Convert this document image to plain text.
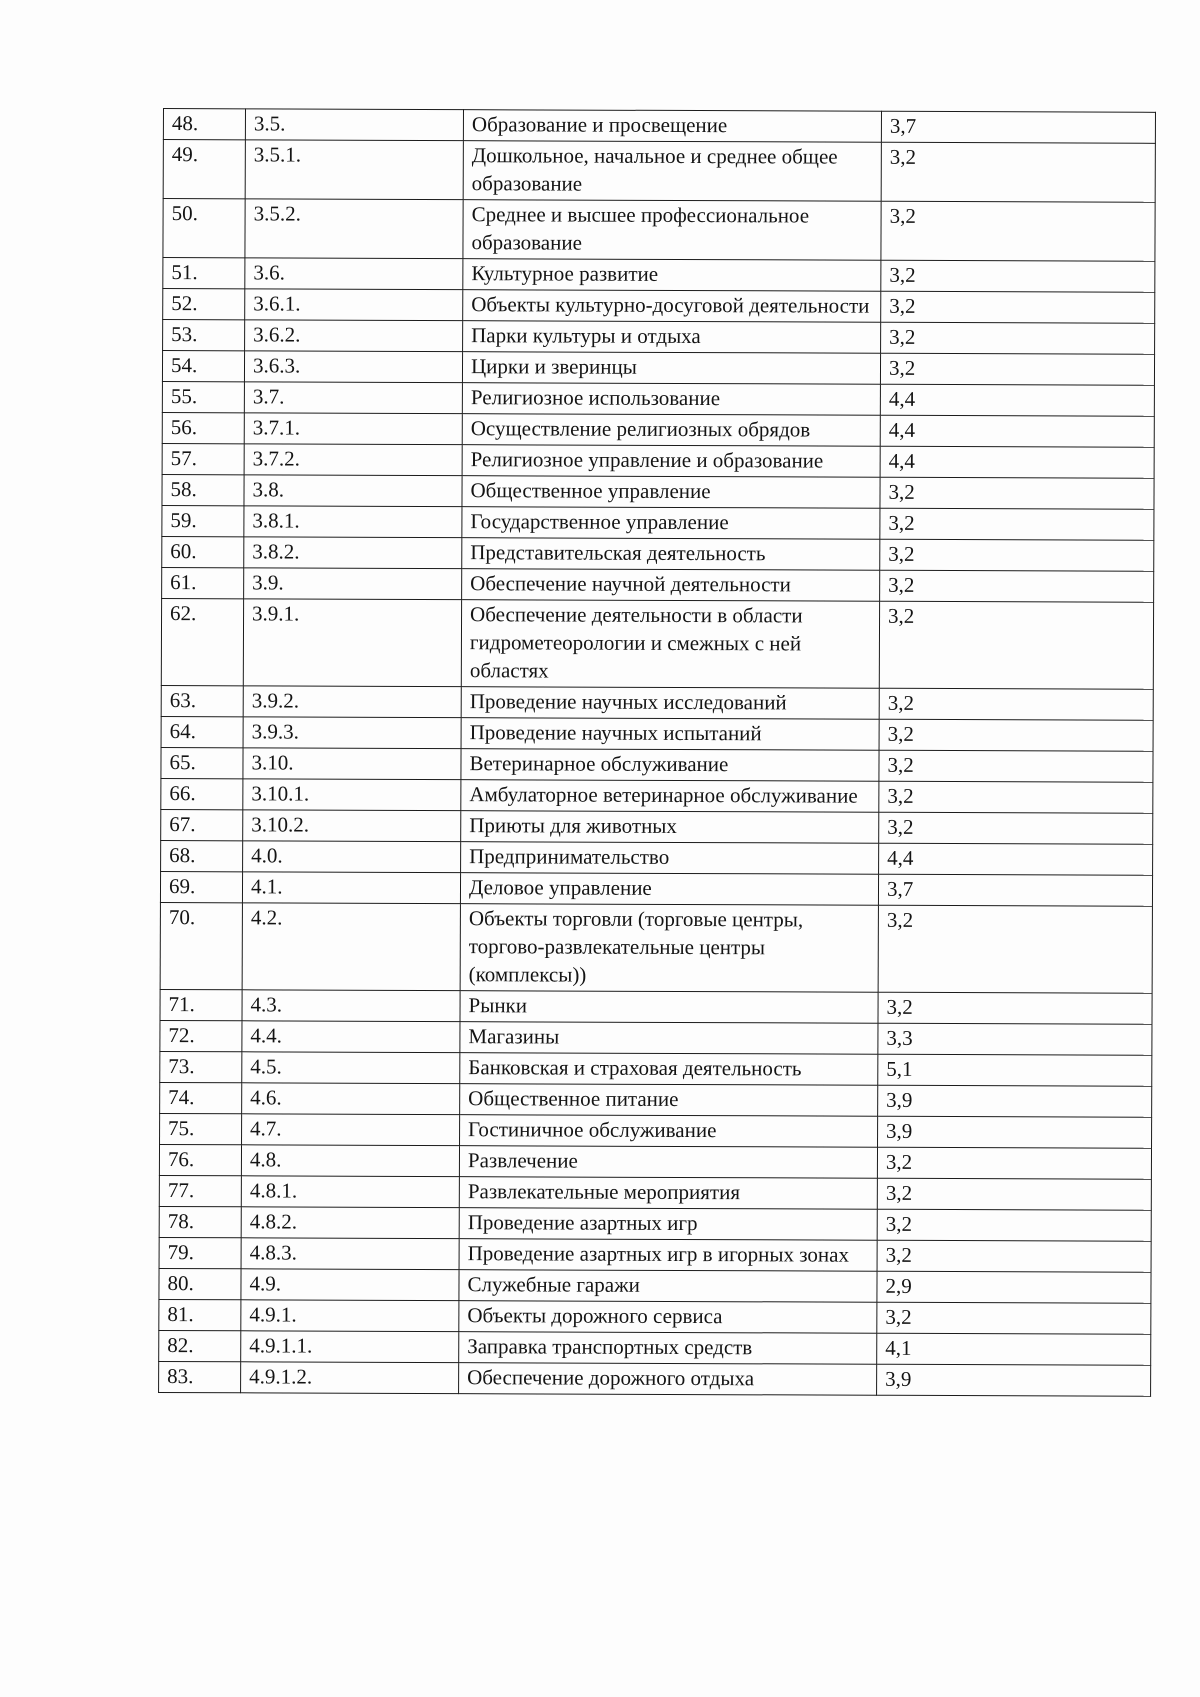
48.	3.5.	Образование и просвещение	3,7
49.	3.5.1.	Дошкольное, начальное и среднее общее образование	3,2
50.	3.5.2.	Среднее и высшее профессиональное образование	3,2
51.	3.6.	Культурное развитие	3,2
52.	3.6.1.	Объекты культурно-досуговой деятельности	3,2
53.	3.6.2.	Парки культуры и отдыха	3,2
54.	3.6.3.	Цирки и зверинцы	3,2
55.	3.7.	Религиозное использование	4,4
56.	3.7.1.	Осуществление религиозных обрядов	4,4
57.	3.7.2.	Религиозное управление и образование	4,4
58.	3.8.	Общественное управление	3,2
59.	3.8.1.	Государственное управление	3,2
60.	3.8.2.	Представительская деятельность	3,2
61.	3.9.	Обеспечение научной деятельности	3,2
62.	3.9.1.	Обеспечение деятельности в области гидрометеорологии и смежных с ней областях	3,2
63.	3.9.2.	Проведение научных исследований	3,2
64.	3.9.3.	Проведение научных испытаний	3,2
65.	3.10.	Ветеринарное обслуживание	3,2
66.	3.10.1.	Амбулаторное ветеринарное обслуживание	3,2
67.	3.10.2.	Приюты для животных	3,2
68.	4.0.	Предпринимательство	4,4
69.	4.1.	Деловое управление	3,7
70.	4.2.	Объекты торговли (торговые центры, торгово-развлекательные центры (комплексы))	3,2
71.	4.3.	Рынки	3,2
72.	4.4.	Магазины	3,3
73.	4.5.	Банковская и страховая деятельность	5,1
74.	4.6.	Общественное питание	3,9
75.	4.7.	Гостиничное обслуживание	3,9
76.	4.8.	Развлечение	3,2
77.	4.8.1.	Развлекательные мероприятия	3,2
78.	4.8.2.	Проведение азартных игр	3,2
79.	4.8.3.	Проведение азартных игр в игорных зонах	3,2
80.	4.9.	Служебные гаражи	2,9
81.	4.9.1.	Объекты дорожного сервиса	3,2
82.	4.9.1.1.	Заправка транспортных средств	4,1
83.	4.9.1.2.	Обеспечение дорожного отдыха	3,9
